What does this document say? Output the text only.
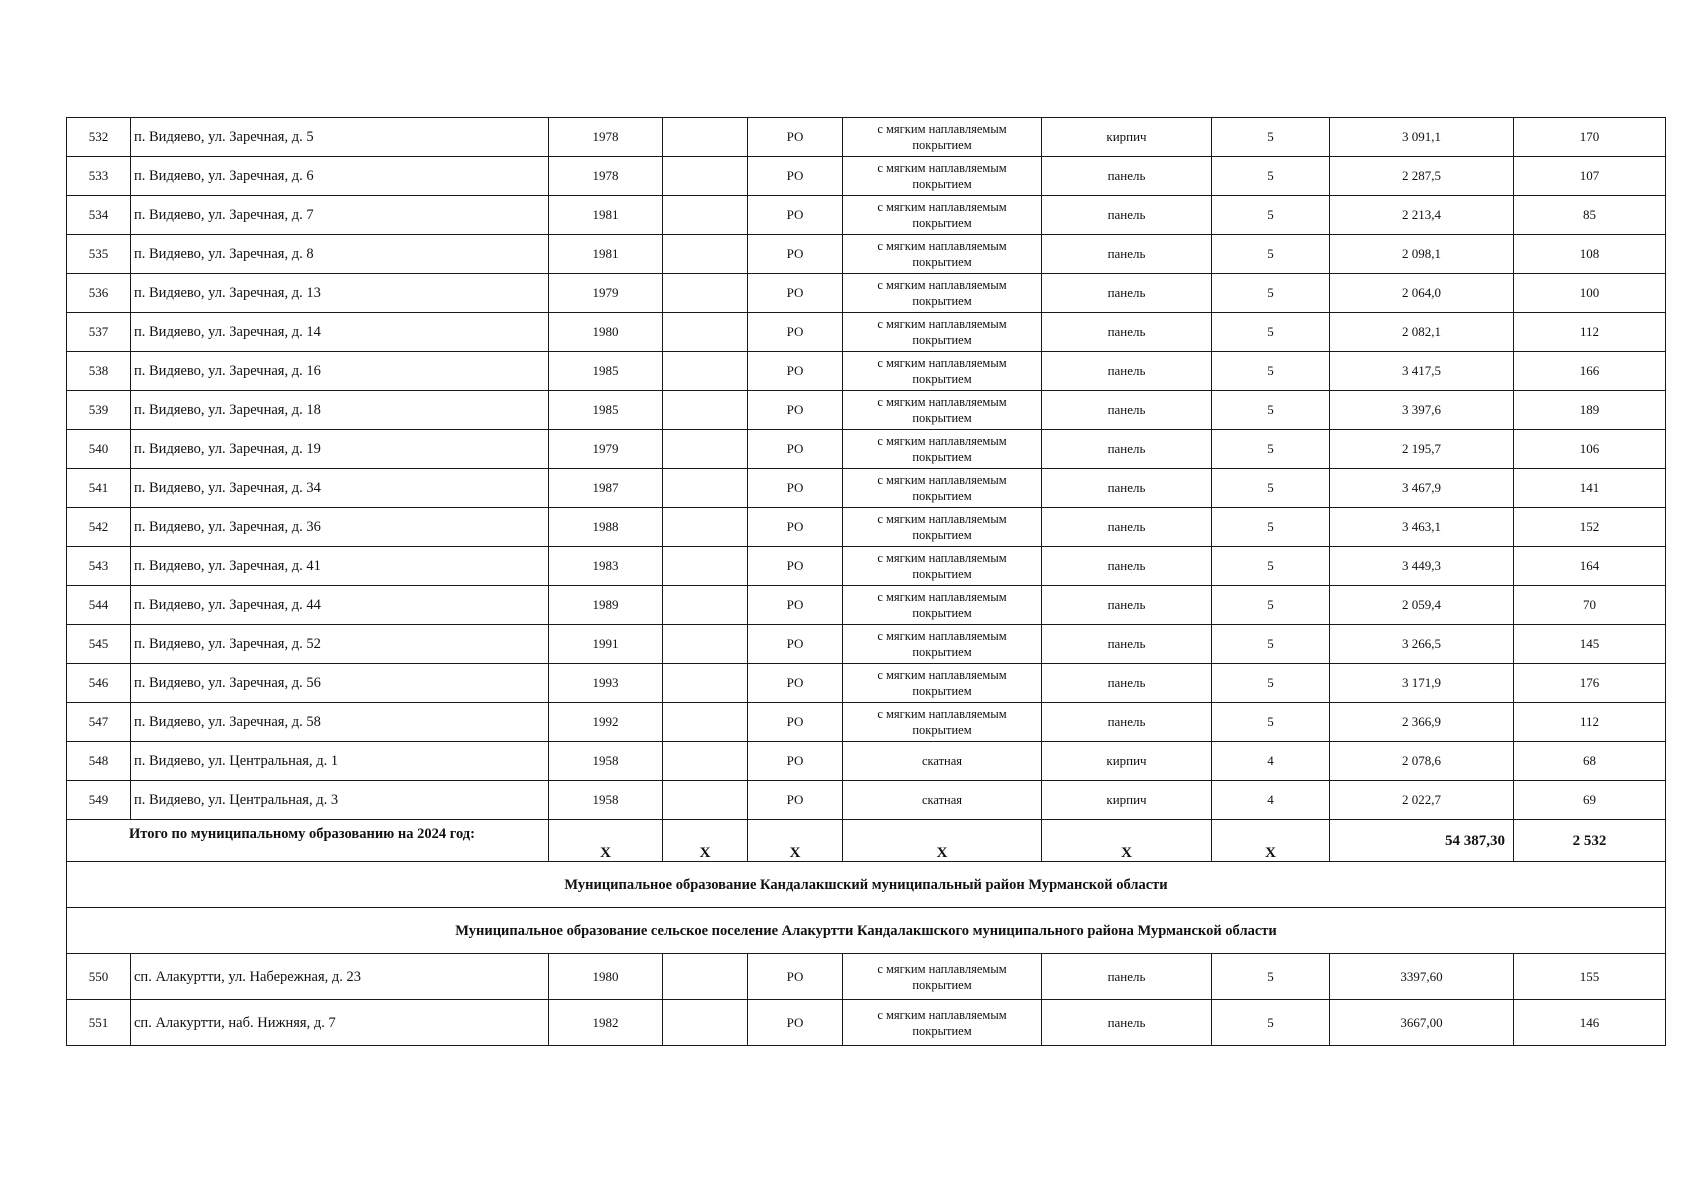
532	п. Видяево, ул. Заречная, д. 5	1978		РО	с мягким наплавляемым
покрытием	кирпич	5	3 091,1	170
533	п. Видяево, ул. Заречная, д. 6	1978		РО	с мягким наплавляемым
покрытием	панель	5	2 287,5	107
534	п. Видяево, ул. Заречная, д. 7	1981		РО	с мягким наплавляемым
покрытием	панель	5	2 213,4	85
535	п. Видяево, ул. Заречная, д. 8	1981		РО	с мягким наплавляемым
покрытием	панель	5	2 098,1	108
536	п. Видяево, ул. Заречная, д. 13	1979		РО	с мягким наплавляемым
покрытием	панель	5	2 064,0	100
537	п. Видяево, ул. Заречная, д. 14	1980		РО	с мягким наплавляемым
покрытием	панель	5	2 082,1	112
538	п. Видяево, ул. Заречная, д. 16	1985		РО	с мягким наплавляемым
покрытием	панель	5	3 417,5	166
539	п. Видяево, ул. Заречная, д. 18	1985		РО	с мягким наплавляемым
покрытием	панель	5	3 397,6	189
540	п. Видяево, ул. Заречная, д. 19	1979		РО	с мягким наплавляемым
покрытием	панель	5	2 195,7	106
541	п. Видяево, ул. Заречная, д. 34	1987		РО	с мягким наплавляемым
покрытием	панель	5	3 467,9	141
542	п. Видяево, ул. Заречная, д. 36	1988		РО	с мягким наплавляемым
покрытием	панель	5	3 463,1	152
543	п. Видяево, ул. Заречная, д. 41	1983		РО	с мягким наплавляемым
покрытием	панель	5	3 449,3	164
544	п. Видяево, ул. Заречная, д. 44	1989		РО	с мягким наплавляемым
покрытием	панель	5	2 059,4	70
545	п. Видяево, ул. Заречная, д. 52	1991		РО	с мягким наплавляемым
покрытием	панель	5	3 266,5	145
546	п. Видяево, ул. Заречная, д. 56	1993		РО	с мягким наплавляемым
покрытием	панель	5	3 171,9	176
547	п. Видяево, ул. Заречная, д. 58	1992		РО	с мягким наплавляемым
покрытием	панель	5	2 366,9	112
548	п. Видяево, ул. Центральная, д. 1	1958		РО	скатная	кирпич	4	2 078,6	68
549	п. Видяево, ул. Центральная, д. 3	1958		РО	скатная	кирпич	4	2 022,7	69
Итого по муниципальному образованию на 2024 год:		X	X	X	X	X	X	54 387,30	2 532
Муниципальное образование Кандалакшский муниципальный район Мурманской области									
Муниципальное образование сельское поселение Алакуртти Кандалакшского муниципального района Мурманской области									
550	сп. Алакуртти, ул. Набережная, д. 23	1980		РО	с мягким наплавляемым
покрытием	панель	5	3397,60	155
551	сп. Алакуртти, наб. Нижняя, д. 7	1982		РО	с мягким наплавляемым
покрытием	панель	5	3667,00	146
